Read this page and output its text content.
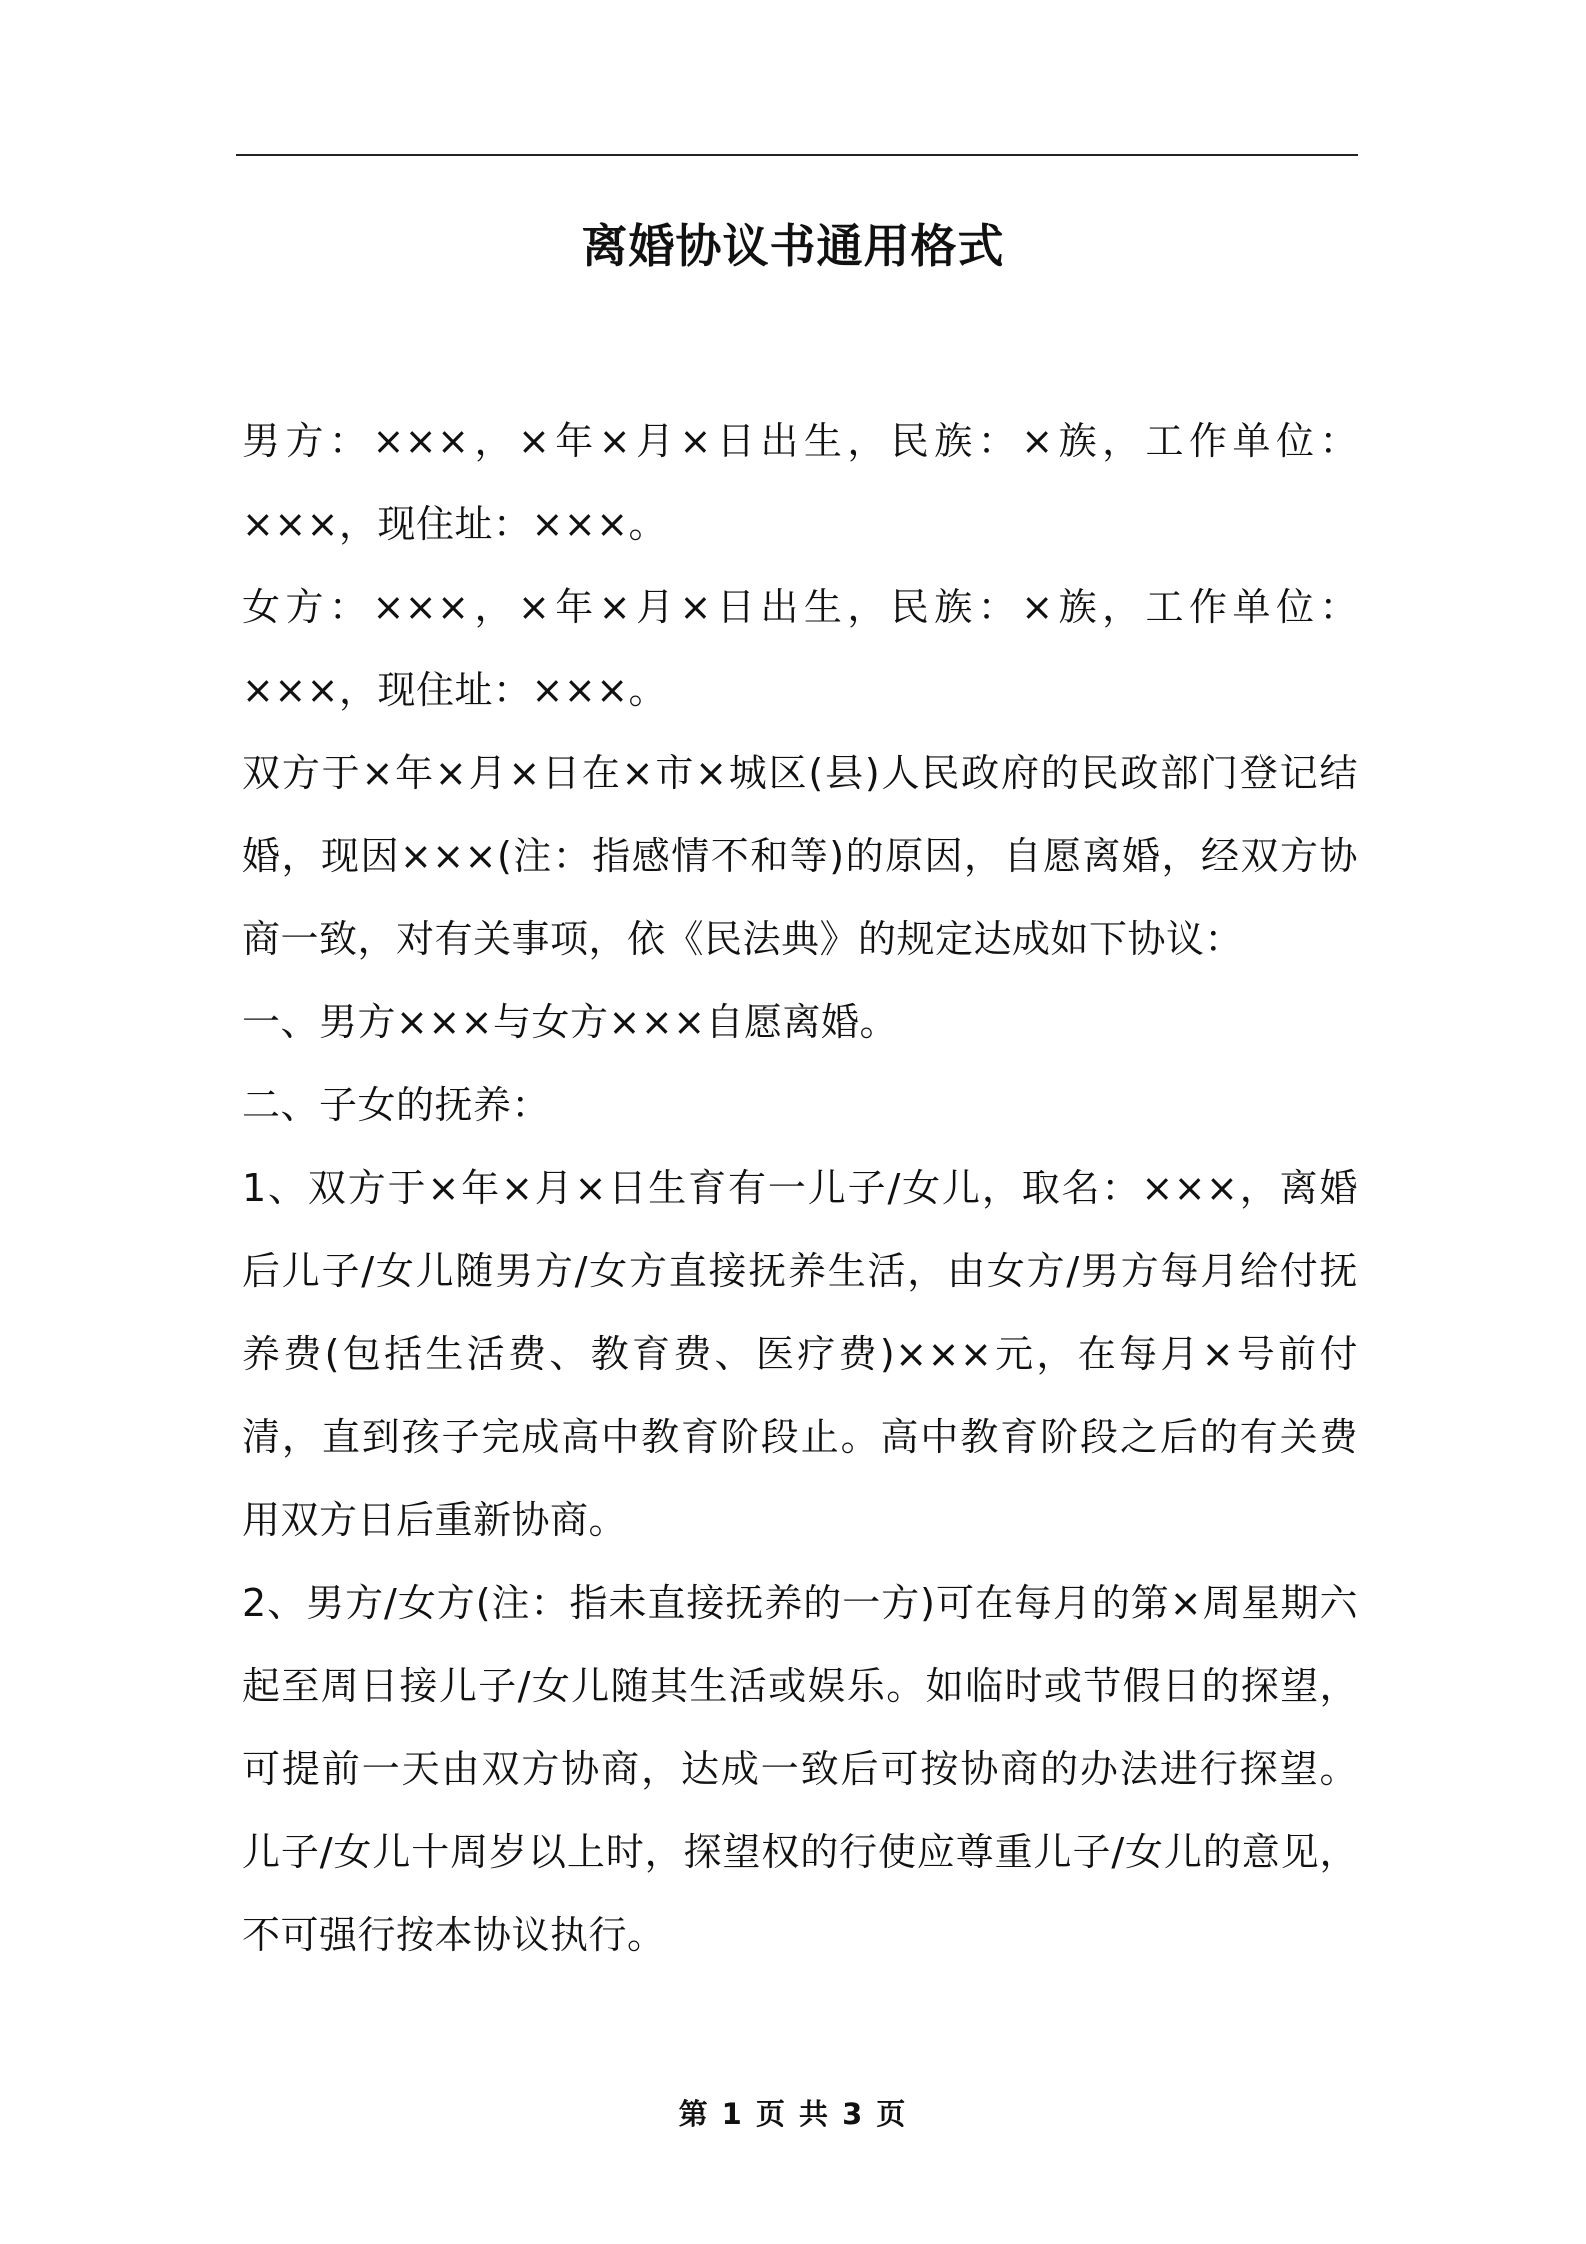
离婚协议书通用格式

男方：×××，×年×月×日出生，民族：×族，工作单位：×××，现住址：×××。

女方：×××，×年×月×日出生，民族：×族，工作单位：×××，现住址：×××。

双方于×年×月×日在×市×城区(县)人民政府的民政部门登记结婚，现因×××(注：指感情不和等)的原因，自愿离婚，经双方协商一致，对有关事项，依《民法典》的规定达成如下协议：

一、男方×××与女方×××自愿离婚。

二、子女的抚养：

1、双方于×年×月×日生育有一儿子/女儿，取名：×××，离婚后儿子/女儿随男方/女方直接抚养生活，由女方/男方每月给付抚养费(包括生活费、教育费、医疗费)×××元，在每月×号前付清，直到孩子完成高中教育阶段止。高中教育阶段之后的有关费用双方日后重新协商。

2、男方/女方(注：指未直接抚养的一方)可在每月的第×周星期六起至周日接儿子/女儿随其生活或娱乐。如临时或节假日的探望，可提前一天由双方协商，达成一致后可按协商的办法进行探望。儿子/女儿十周岁以上时，探望权的行使应尊重儿子/女儿的意见，不可强行按本协议执行。

第 1 页 共 3 页
